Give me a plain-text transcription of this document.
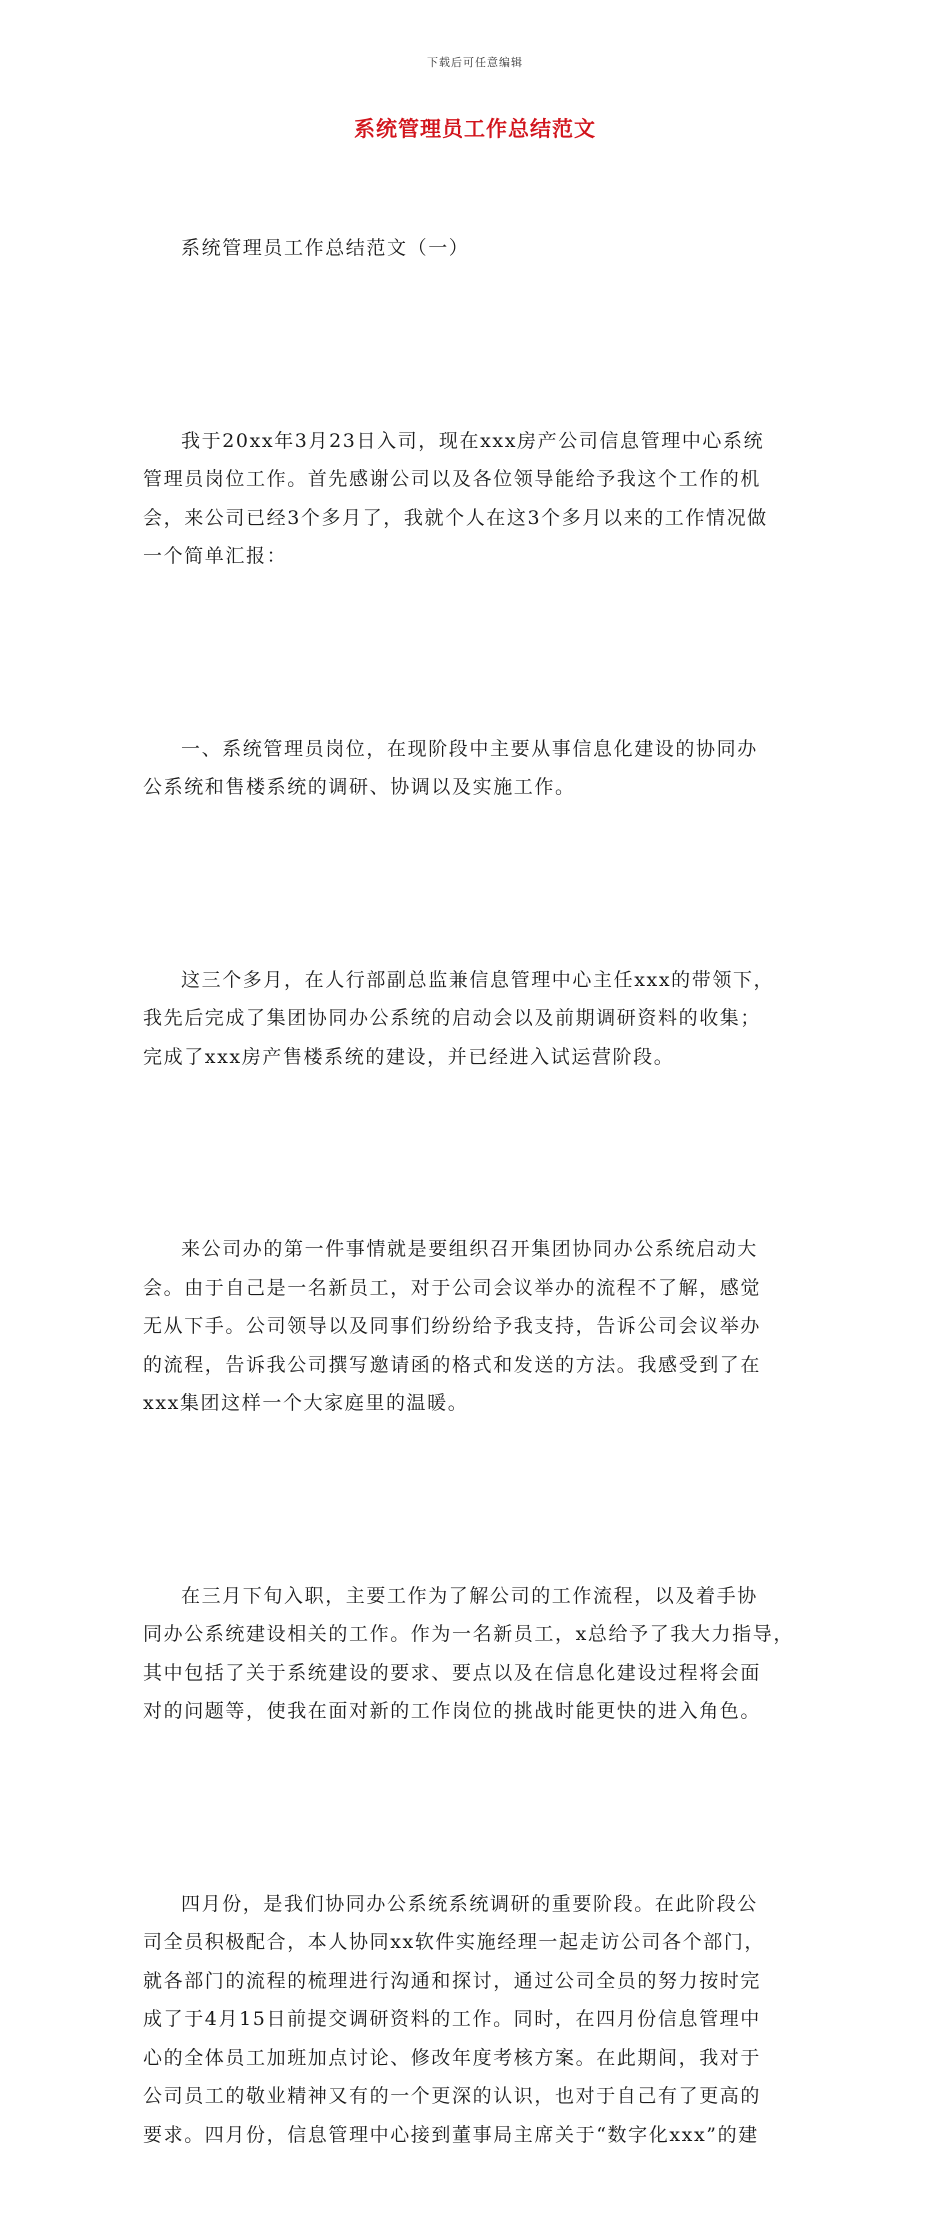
下载后可任意编辑
系统管理员工作总结范文

系统管理员工作总结范文（一）

我于20xx年3月23日入司，现在xxx房产公司信息管理中心系统
管理员岗位工作。首先感谢公司以及各位领导能给予我这个工作的机
会，来公司已经3个多月了，我就个人在这3个多月以来的工作情况做
一个简单汇报：

一、系统管理员岗位，在现阶段中主要从事信息化建设的协同办
公系统和售楼系统的调研、协调以及实施工作。

这三个多月，在人行部副总监兼信息管理中心主任xxx的带领下，
我先后完成了集团协同办公系统的启动会以及前期调研资料的收集；
完成了xxx房产售楼系统的建设，并已经进入试运营阶段。

来公司办的第一件事情就是要组织召开集团协同办公系统启动大
会。由于自己是一名新员工，对于公司会议举办的流程不了解，感觉
无从下手。公司领导以及同事们纷纷给予我支持，告诉公司会议举办
的流程，告诉我公司撰写邀请函的格式和发送的方法。我感受到了在
xxx集团这样一个大家庭里的温暖。

在三月下旬入职，主要工作为了解公司的工作流程，以及着手协
同办公系统建设相关的工作。作为一名新员工，x总给予了我大力指导，
其中包括了关于系统建设的要求、要点以及在信息化建设过程将会面
对的问题等，使我在面对新的工作岗位的挑战时能更快的进入角色。

四月份，是我们协同办公系统系统调研的重要阶段。在此阶段公
司全员积极配合，本人协同xx软件实施经理一起走访公司各个部门，
就各部门的流程的梳理进行沟通和探讨，通过公司全员的努力按时完
成了于4月15日前提交调研资料的工作。同时，在四月份信息管理中
心的全体员工加班加点讨论、修改年度考核方案。在此期间，我对于
公司员工的敬业精神又有的一个更深的认识，也对于自己有了更高的
要求。四月份，信息管理中心接到董事局主席关于“数字化xxx”的建
